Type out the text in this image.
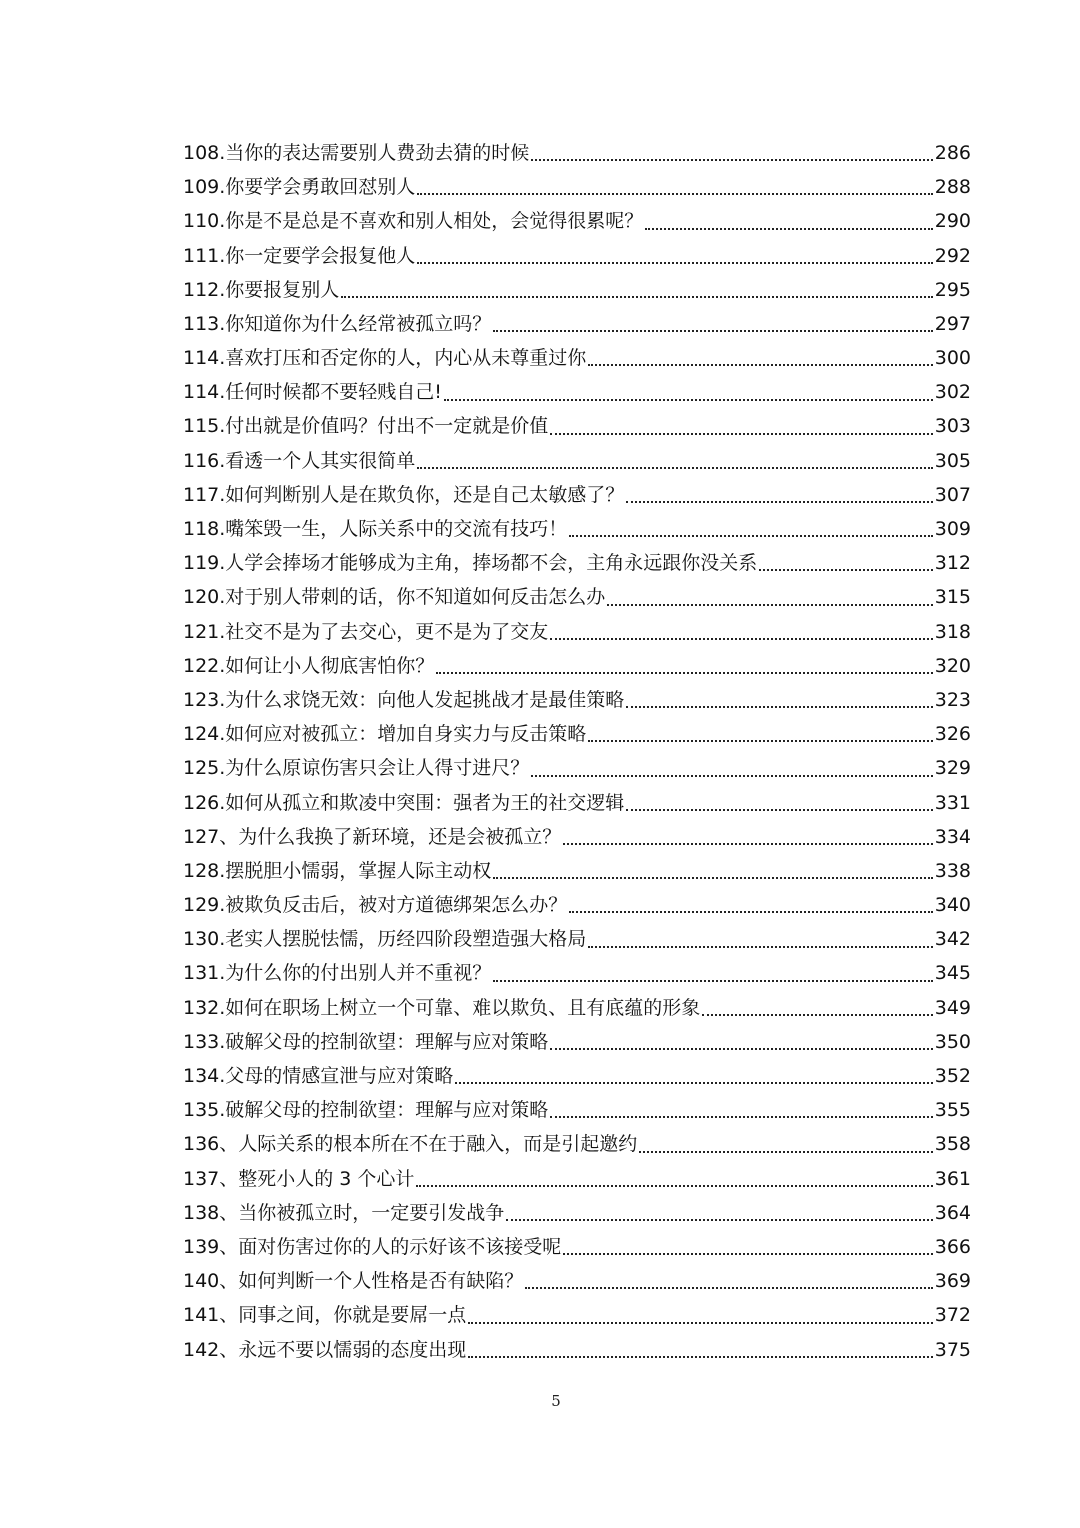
108.当你的表达需要别人费劲去猜的时候	286
109.你要学会勇敢回怼别人	288
110.你是不是总是不喜欢和别人相处，会觉得很累呢？	290
111.你一定要学会报复他人	292
112.你要报复别人	295
113.你知道你为什么经常被孤立吗？	297
114.喜欢打压和否定你的人，内心从未尊重过你	300
114.任何时候都不要轻贱自己!	302
115.付出就是价值吗？付出不一定就是价值	303
116.看透一个人其实很简单	305
117.如何判断别人是在欺负你，还是自己太敏感了？	307
118.嘴笨毁一生，人际关系中的交流有技巧！	309
119.人学会捧场才能够成为主角，捧场都不会，主角永远跟你没关系	312
120.对于别人带刺的话，你不知道如何反击怎么办	315
121.社交不是为了去交心，更不是为了交友	318
122.如何让小人彻底害怕你？	320
123.为什么求饶无效：向他人发起挑战才是最佳策略	323
124.如何应对被孤立：增加自身实力与反击策略	326
125.为什么原谅伤害只会让人得寸进尺？	329
126.如何从孤立和欺凌中突围：强者为王的社交逻辑	331
127、为什么我换了新环境，还是会被孤立？	334
128.摆脱胆小懦弱，掌握人际主动权	338
129.被欺负反击后，被对方道德绑架怎么办？	340
130.老实人摆脱怯懦，历经四阶段塑造强大格局	342
131.为什么你的付出别人并不重视？	345
132.如何在职场上树立一个可靠、难以欺负、且有底蕴的形象	349
133.破解父母的控制欲望：理解与应对策略	350
134.父母的情感宣泄与应对策略	352
135.破解父母的控制欲望：理解与应对策略	355
136、人际关系的根本所在不在于融入，而是引起邀约	358
137、整死小人的 3 个心计	361
138、当你被孤立时，一定要引发战争	364
139、面对伤害过你的人的示好该不该接受呢	366
140、如何判断一个人性格是否有缺陷？	369
141、同事之间，你就是要屌一点	372
142、永远不要以懦弱的态度出现	375
5
